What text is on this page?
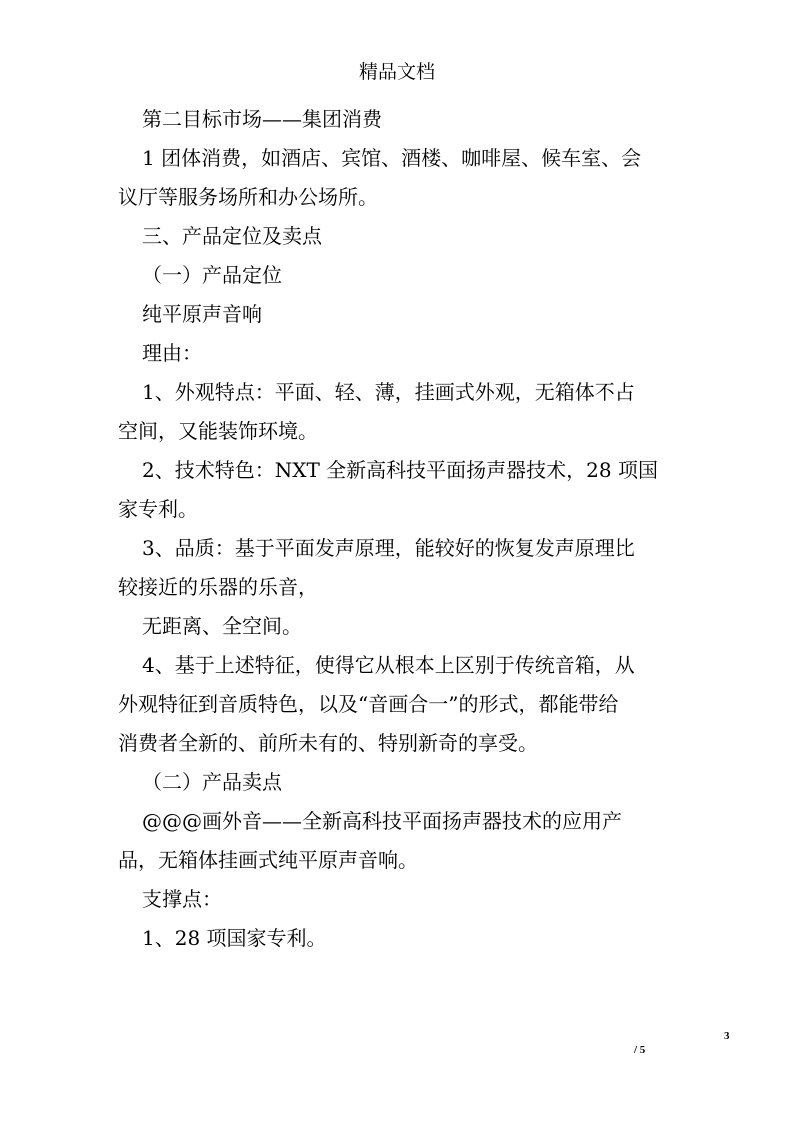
精品文档
第二目标市场——集团消费
1 团体消费，如酒店、宾馆、酒楼、咖啡屋、候车室、会
议厅等服务场所和办公场所。
三、产品定位及卖点
（一）产品定位
纯平原声音响
理由：
1、外观特点：平面、轻、薄，挂画式外观，无箱体不占
空间，又能装饰环境。
2、技术特色：NXT 全新高科技平面扬声器技术，28 项国
家专利。
3、品质：基于平面发声原理，能较好的恢复发声原理比
较接近的乐器的乐音，
无距离、全空间。
4、基于上述特征，使得它从根本上区别于传统音箱，从
外观特征到音质特色，以及“音画合一”的形式，都能带给
消费者全新的、前所未有的、特别新奇的享受。
（二）产品卖点
@@@画外音——全新高科技平面扬声器技术的应用产
品，无箱体挂画式纯平原声音响。
支撑点：
1、28 项国家专利。
3
/ 5
